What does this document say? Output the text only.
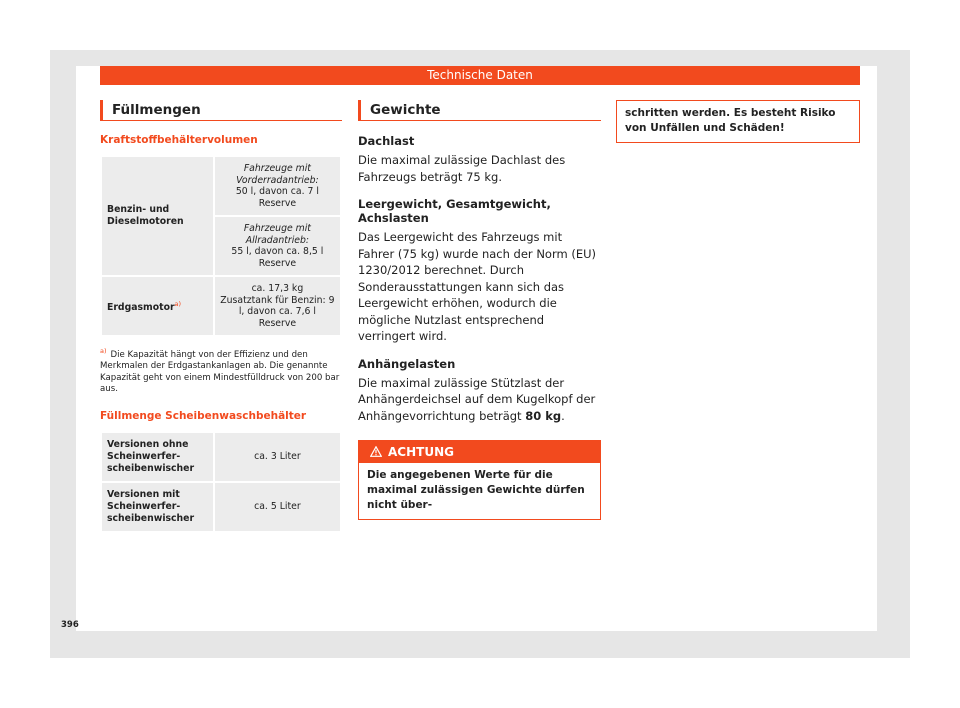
Technische Daten
Füllmengen
Kraftstoffbehältervolumen
Benzin- und Dieselmotoren	Fahrzeuge mit Vorderradantrieb:
50 l, davon ca. 7 l Reserve

	Fahrzeuge mit Allradantrieb:
55 l, davon ca. 8,5 l Reserve
Erdgasmotor$^{a)}$	ca. 17,3 kg
Zusatztank für Benzin: 9 l, davon ca. 7,6 l Reserve
$^{a)}$ Die Kapazität hängt von der Effizienz und den Merkmalen der Erdgastankanlagen ab. Die genannte Kapazität geht von einem Mindestfülldruck von 200 bar aus.
Füllmenge Scheibenwaschbehälter
Versionen ohne Scheinwerferscheibenwischer	ca. 3 Liter
Versionen mit Scheinwerferscheibenwischer	ca. 5 Liter
Gewichte
Dachlast
Die maximal zulässige Dachlast des Fahrzeugs beträgt 75 kg.
Leergewicht, Gesamtgewicht, Achslasten
Das Leergewicht des Fahrzeugs mit Fahrer (75 kg) wurde nach der Norm (EU) 1230/2012 berechnet. Durch Sonderausstattungen kann sich das Leergewicht erhöhen, wodurch die mögliche Nutzlast entsprechend verringert wird.
Anhängelasten
Die maximal zulässige Stützlast der Anhängerdeichsel auf dem Kugelkopf der Anhängevorrichtung beträgt 80 kg.
ACHTUNG
Die angegebenen Werte für die maximal zulässigen Gewichte dürfen nicht über-
schritten werden. Es besteht Risiko von Unfällen und Schäden!
396
